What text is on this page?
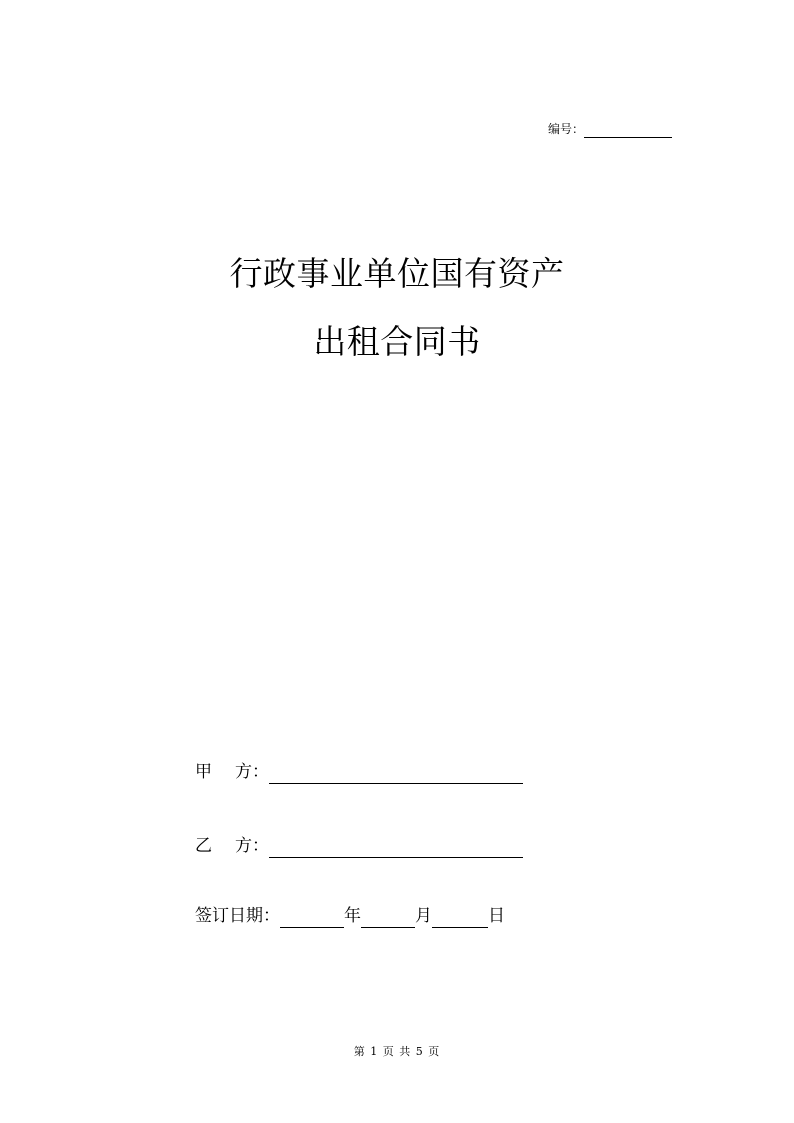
编号：
行政事业单位国有资产
出租合同书
甲 方：
乙 方：
签订日期：	年	月	日
第 1 页 共 5 页
